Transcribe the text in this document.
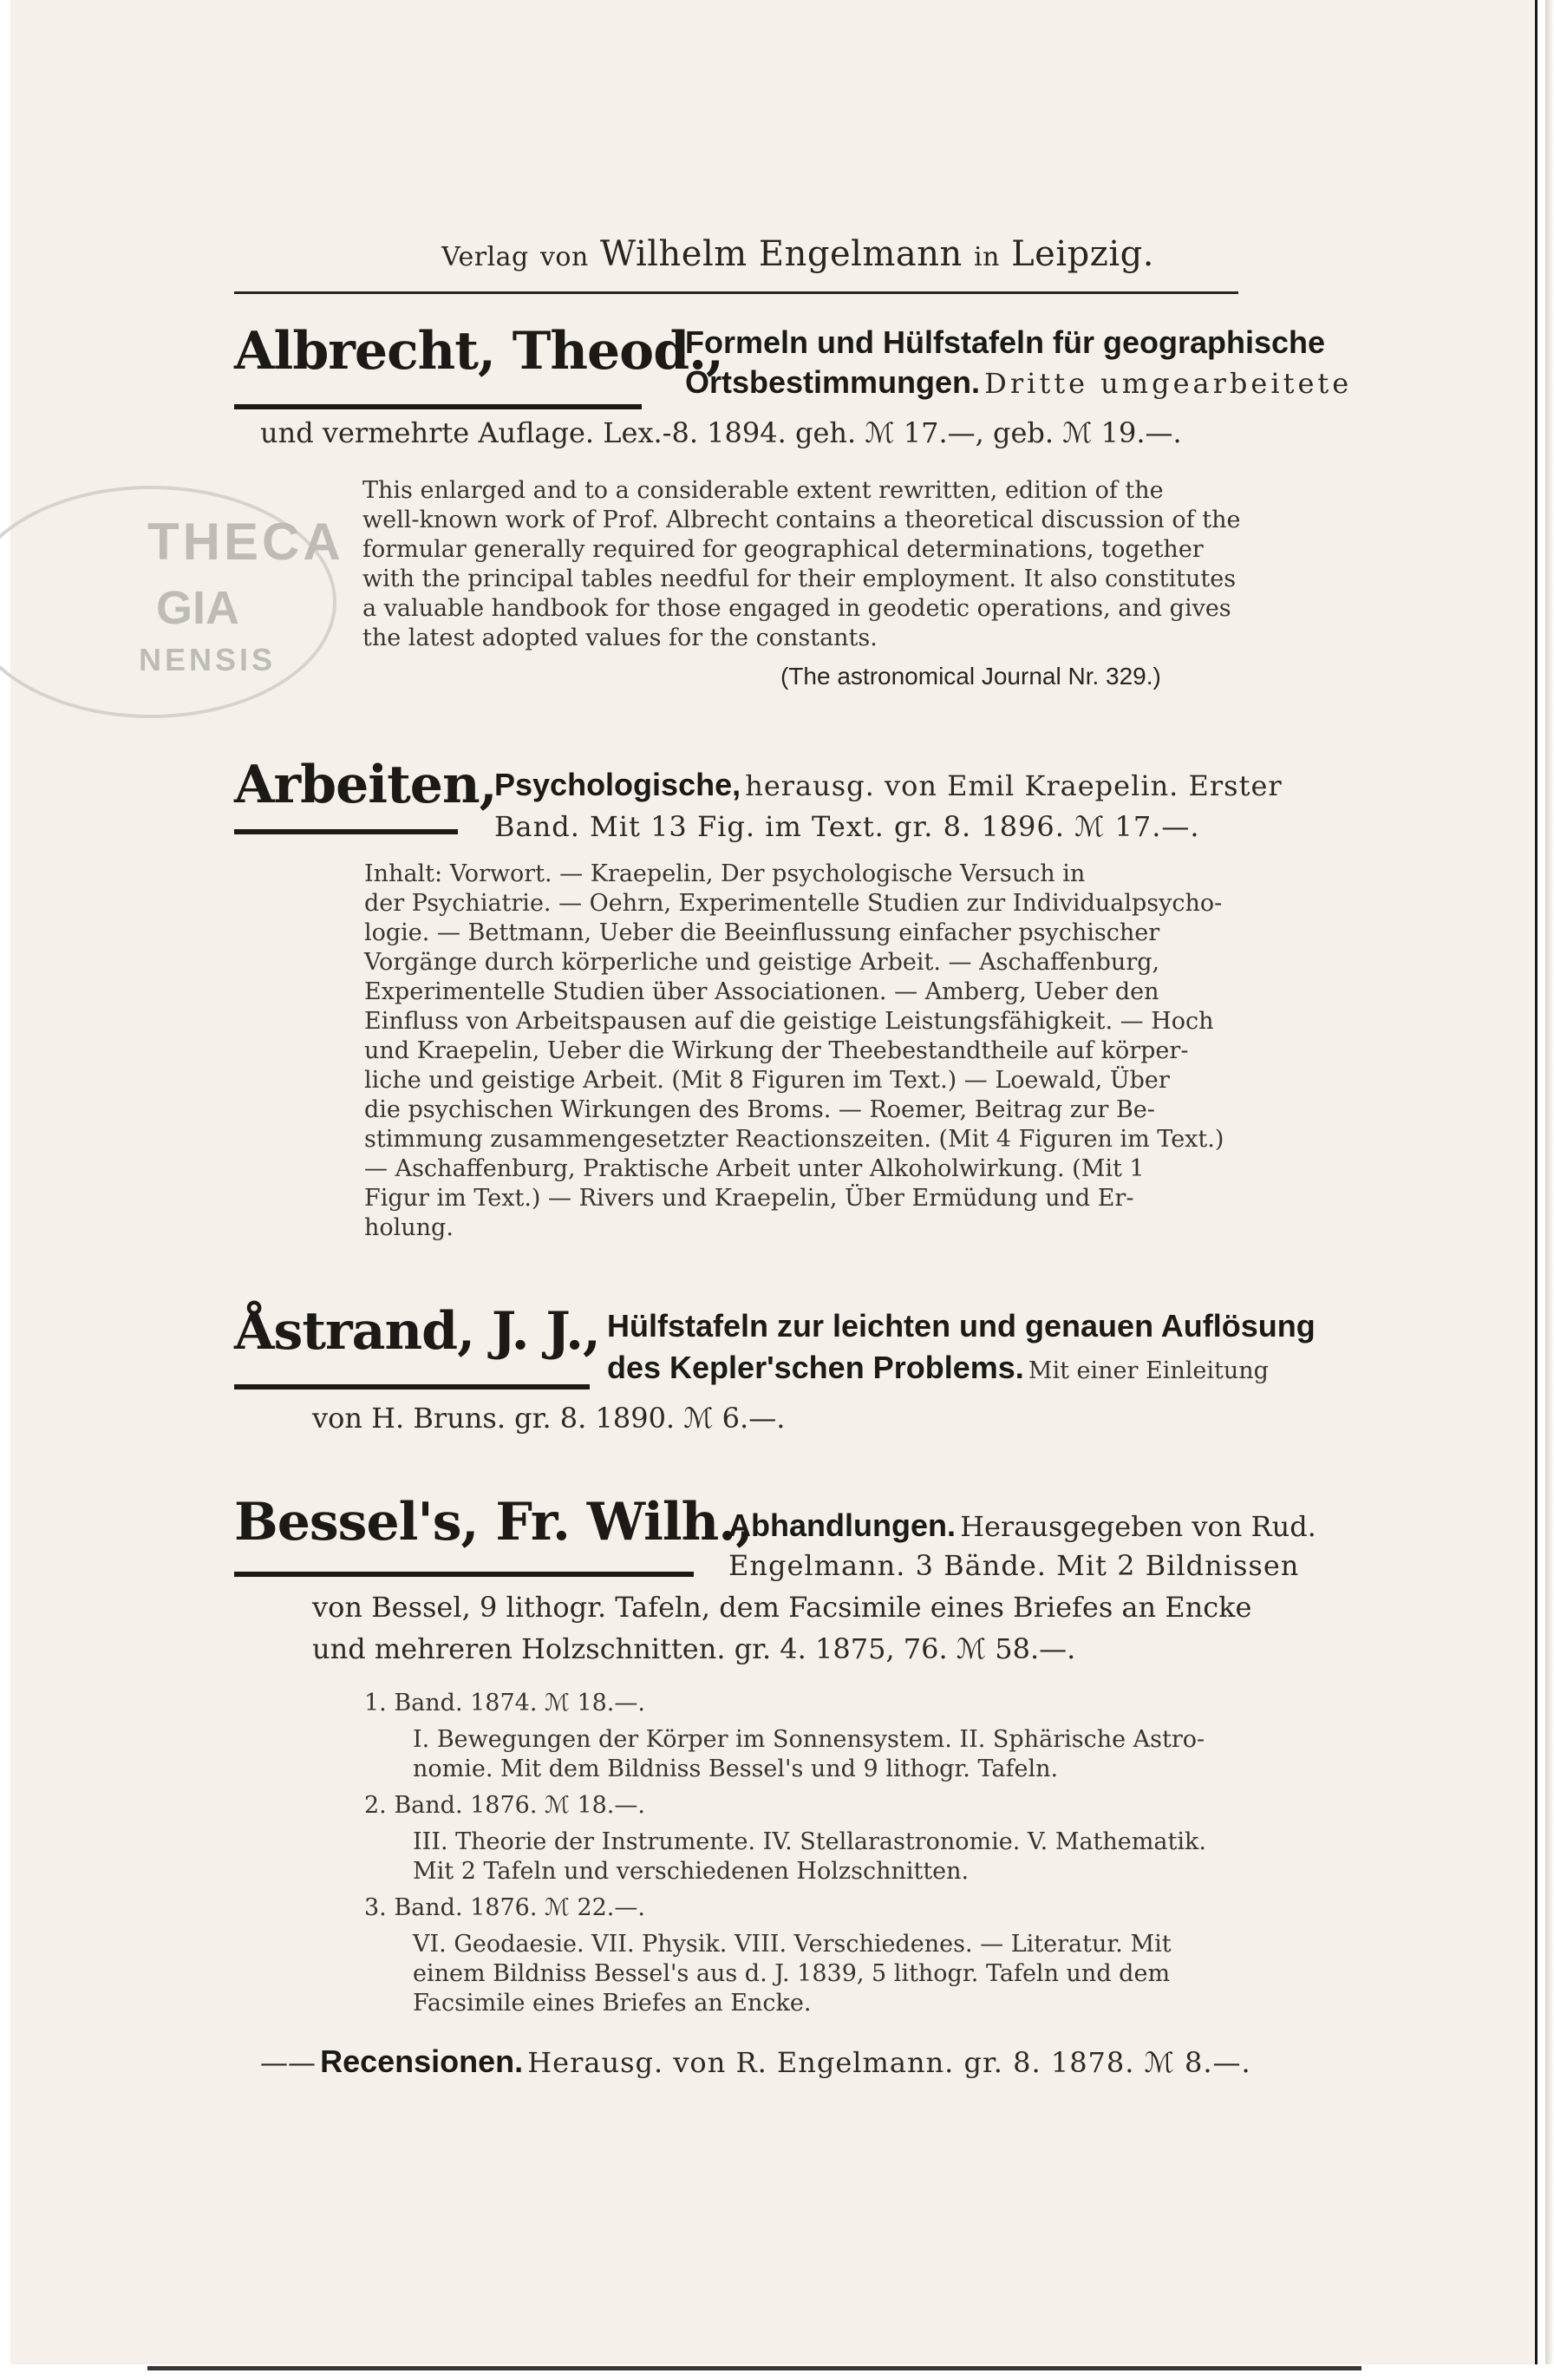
THECA
GIA
NENSIS
Verlag von Wilhelm Engelmann in Leipzig.
Albrecht, Theod.,
Formeln und Hülfstafeln für geographische
Ortsbestimmungen. Dritte umgearbeitete
und vermehrte Auflage. Lex.-8. 1894. geh. ℳ 17.—, geb. ℳ 19.—.
This enlarged and to a considerable extent rewritten, edition of the
well-known work of Prof. Albrecht contains a theoretical discussion of the
formular generally required for geographical determinations, together
with the principal tables needful for their employment. It also constitutes
a valuable handbook for those engaged in geodetic operations, and gives
the latest adopted values for the constants.
(The astronomical Journal Nr. 329.)
Arbeiten,
Psychologische, herausg. von Emil Kraepelin. Erster
Band. Mit 13 Fig. im Text. gr. 8. 1896. ℳ 17.—.
Inhalt: Vorwort. — Kraepelin, Der psychologische Versuch in
der Psychiatrie. — Oehrn, Experimentelle Studien zur Individualpsycho-
logie. — Bettmann, Ueber die Beeinflussung einfacher psychischer
Vorgänge durch körperliche und geistige Arbeit. — Aschaffenburg,
Experimentelle Studien über Associationen. — Amberg, Ueber den
Einfluss von Arbeitspausen auf die geistige Leistungsfähigkeit. — Hoch
und Kraepelin, Ueber die Wirkung der Theebestandtheile auf körper-
liche und geistige Arbeit. (Mit 8 Figuren im Text.) — Loewald, Über
die psychischen Wirkungen des Broms. — Roemer, Beitrag zur Be-
stimmung zusammengesetzter Reactionszeiten. (Mit 4 Figuren im Text.)
— Aschaffenburg, Praktische Arbeit unter Alkoholwirkung. (Mit 1
Figur im Text.) — Rivers und Kraepelin, Über Ermüdung und Er-
holung.
Åstrand, J. J., Hülfstafeln zur leichten und genauen Auflösung
des Kepler'schen Problems. Mit einer Einleitung
von H. Bruns. gr. 8. 1890. ℳ 6.—.
Bessel's, Fr. Wilh.,
Abhandlungen. Herausgegeben von Rud.
Engelmann. 3 Bände. Mit 2 Bildnissen
von Bessel, 9 lithogr. Tafeln, dem Facsimile eines Briefes an Encke
und mehreren Holzschnitten. gr. 4. 1875, 76. ℳ 58.—.
1. Band. 1874. ℳ 18.—.
I. Bewegungen der Körper im Sonnensystem. II. Sphärische Astro-
nomie. Mit dem Bildniss Bessel's und 9 lithogr. Tafeln.
2. Band. 1876. ℳ 18.—.
III. Theorie der Instrumente. IV. Stellarastronomie. V. Mathematik.
Mit 2 Tafeln und verschiedenen Holzschnitten.
3. Band. 1876. ℳ 22.—.
VI. Geodaesie. VII. Physik. VIII. Verschiedenes. — Literatur. Mit
einem Bildniss Bessel's aus d. J. 1839, 5 lithogr. Tafeln und dem
Facsimile eines Briefes an Encke.
—— Recensionen. Herausg. von R. Engelmann. gr. 8. 1878. ℳ 8.—.
